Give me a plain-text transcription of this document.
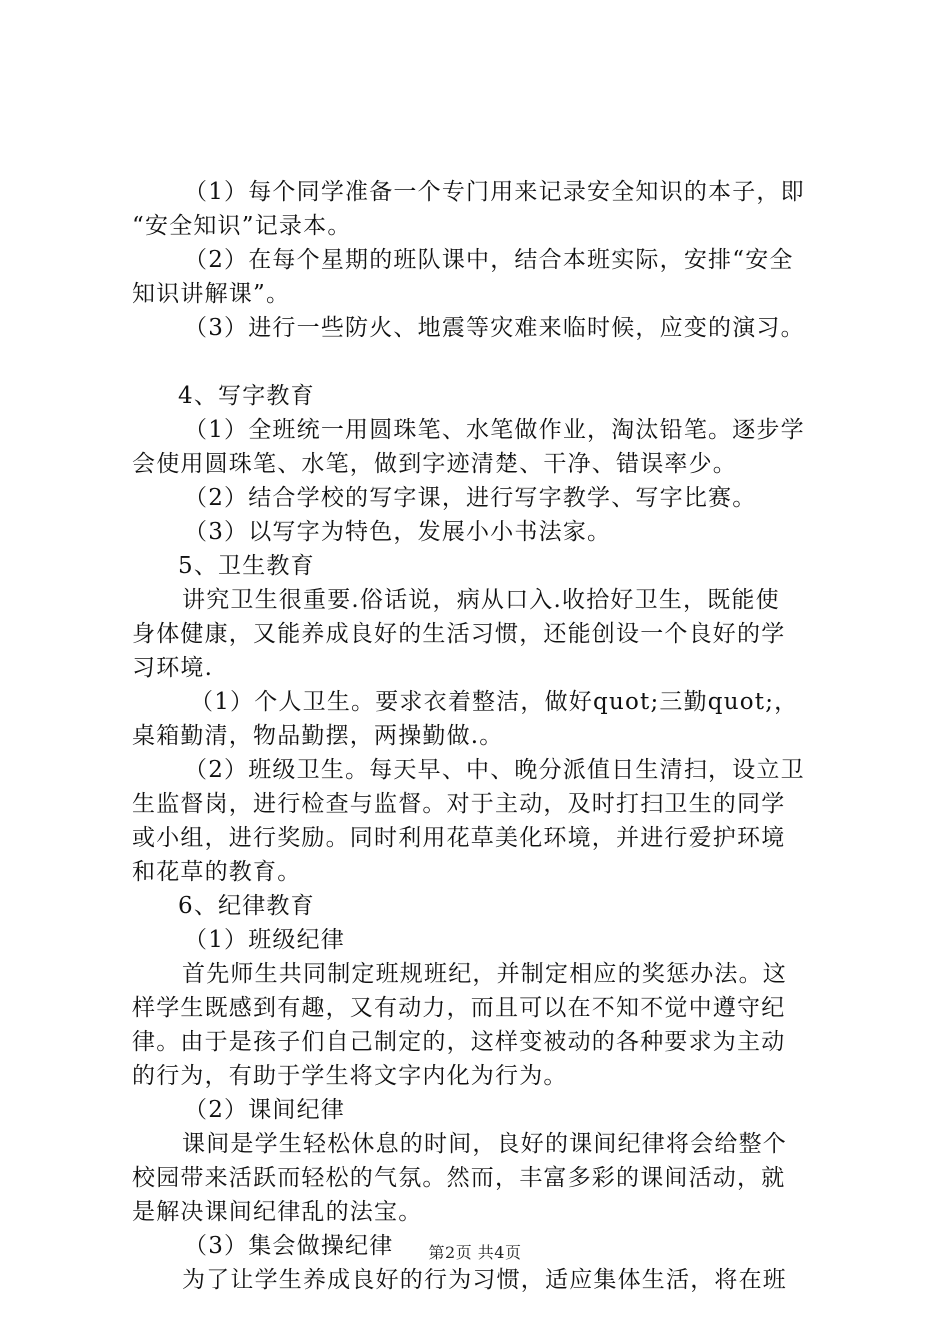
（1）每个同学准备一个专门用来记录安全知识的本子，即
“安全知识”记录本。
（2）在每个星期的班队课中，结合本班实际，安排“安全
知识讲解课”。
（3）进行一些防火、地震等灾难来临时候，应变的演习。
4、写字教育
（1）全班统一用圆珠笔、水笔做作业，淘汰铅笔。逐步学
会使用圆珠笔、水笔，做到字迹清楚、干净、错误率少。
（2）结合学校的写字课，进行写字教学、写字比赛。
（3）以写字为特色，发展小小书法家。
5、卫生教育
讲究卫生很重要.俗话说，病从口入.收拾好卫生，既能使
身体健康，又能养成良好的生活习惯，还能创设一个良好的学
习环境.
（1）个人卫生。要求衣着整洁，做好quot;三勤quot;，
桌箱勤清，物品勤摆，两操勤做.。
（2）班级卫生。每天早、中、晚分派值日生清扫，设立卫
生监督岗，进行检查与监督。对于主动，及时打扫卫生的同学
或小组，进行奖励。同时利用花草美化环境，并进行爱护环境
和花草的教育。
6、纪律教育
（1）班级纪律
首先师生共同制定班规班纪，并制定相应的奖惩办法。这
样学生既感到有趣，又有动力，而且可以在不知不觉中遵守纪
律。由于是孩子们自己制定的，这样变被动的各种要求为主动
的行为，有助于学生将文字内化为行为。
（2）课间纪律
课间是学生轻松休息的时间，良好的课间纪律将会给整个
校园带来活跃而轻松的气氛。然而，丰富多彩的课间活动，就
是解决课间纪律乱的法宝。
（3）集会做操纪律
为了让学生养成良好的行为习惯，适应集体生活，将在班
第2页 共4页
